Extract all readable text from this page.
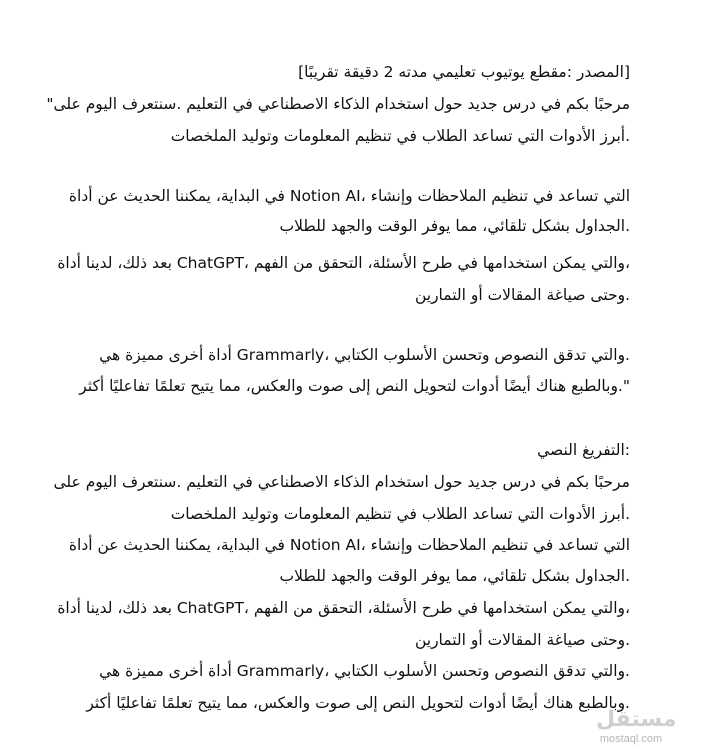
[المصدر :مقطع يوتيوب تعليمي مدته 2 دقيقة تقريبًا]
مرحبًا بكم في درس جديد حول استخدام الذكاء الاصطناعي في التعليم .سنتعرف اليوم على"
.أبرز الأدوات التي تساعد الطلاب في تنظيم المعلومات وتوليد الملخصات
التي تساعد في تنظيم الملاحظات وإنشاء ،Notion AI في البداية، يمكننا الحديث عن أداة
.الجداول بشكل تلقائي، مما يوفر الوقت والجهد للطلاب
،والتي يمكن استخدامها في طرح الأسئلة، التحقق من الفهم ،ChatGPT بعد ذلك، لدينا أداة
.وحتى صياغة المقالات أو التمارين
.والتي تدقق النصوص وتحسن الأسلوب الكتابي ،Grammarly أداة أخرى مميزة هي
".وبالطبع هناك أيضًا أدوات لتحويل النص إلى صوت والعكس، مما يتيح تعلمًا تفاعليًا أكثر
:التفريغ النصي
مرحبًا بكم في درس جديد حول استخدام الذكاء الاصطناعي في التعليم .سنتعرف اليوم على
.أبرز الأدوات التي تساعد الطلاب في تنظيم المعلومات وتوليد الملخصات
التي تساعد في تنظيم الملاحظات وإنشاء ،Notion AI في البداية، يمكننا الحديث عن أداة
.الجداول بشكل تلقائي، مما يوفر الوقت والجهد للطلاب
،والتي يمكن استخدامها في طرح الأسئلة، التحقق من الفهم ،ChatGPT بعد ذلك، لدينا أداة
.وحتى صياغة المقالات أو التمارين
.والتي تدقق النصوص وتحسن الأسلوب الكتابي ،Grammarly أداة أخرى مميزة هي
.وبالطبع هناك أيضًا أدوات لتحويل النص إلى صوت والعكس، مما يتيح تعلمًا تفاعليًا أكثر
مستقل
mostaql.com
